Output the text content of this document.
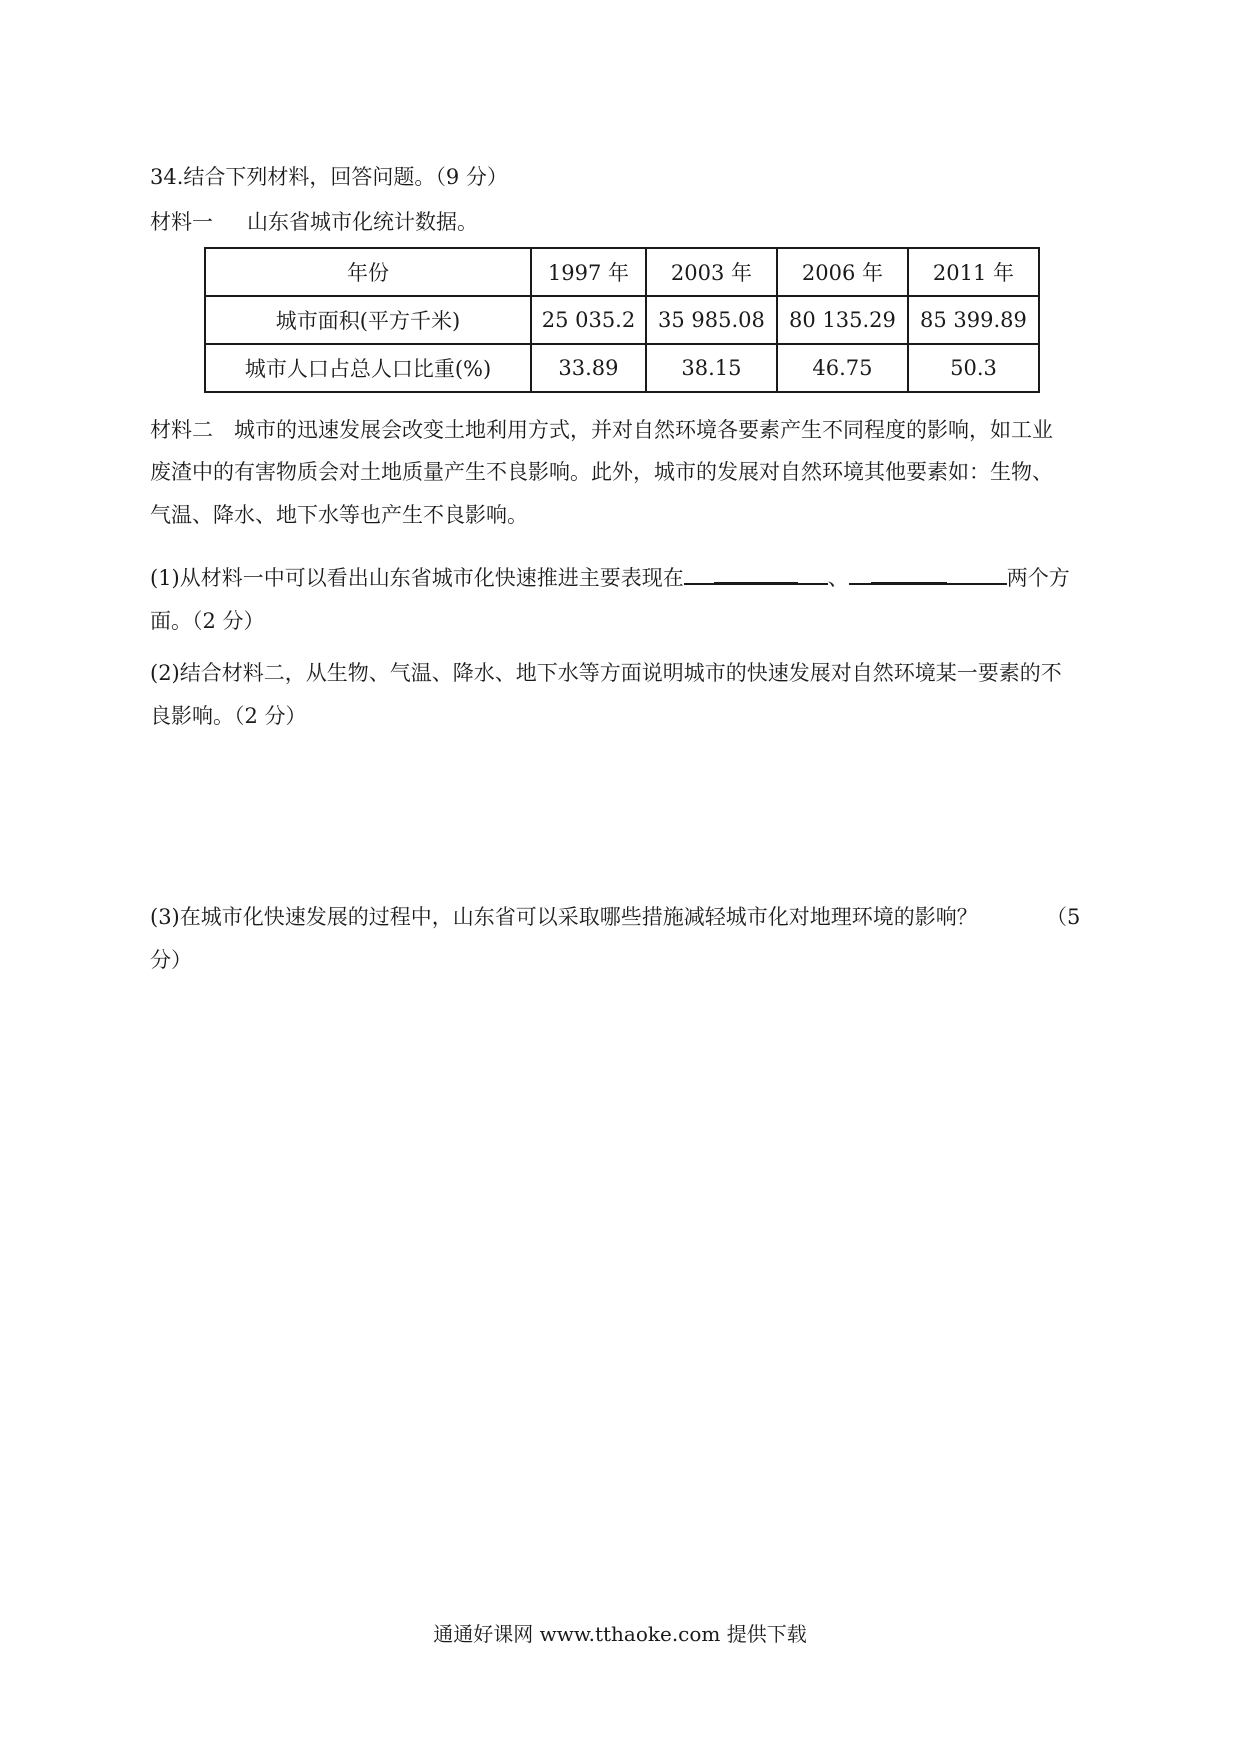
34.结合下列材料，回答问题。（9 分）
材料一 山东省城市化统计数据。
年份	1997 年	2003 年	2006 年	2011 年
城市面积(平方千米)	25 035.2	35 985.08	80 135.29	85 399.89
城市人口占总人口比重(%)	33.89	38.15	46.75	50.3
材料二　城市的迅速发展会改变土地利用方式，并对自然环境各要素产生不同程度的影响，如工业
废渣中的有害物质会对土地质量产生不良影响。此外，城市的发展对自然环境其他要素如：生物、
气温、降水、地下水等也产生不良影响。
(1)从材料一中可以看出山东省城市化快速推进主要表现在	、	两个方
面。（2 分）
(2)结合材料二，从生物、气温、降水、地下水等方面说明城市的快速发展对自然环境某一要素的不
良影响。（2 分）
(3)在城市化快速发展的过程中，山东省可以采取哪些措施减轻城市化对地理环境的影响？	（5
分）
通通好课网 www.tthaoke.com 提供下载
